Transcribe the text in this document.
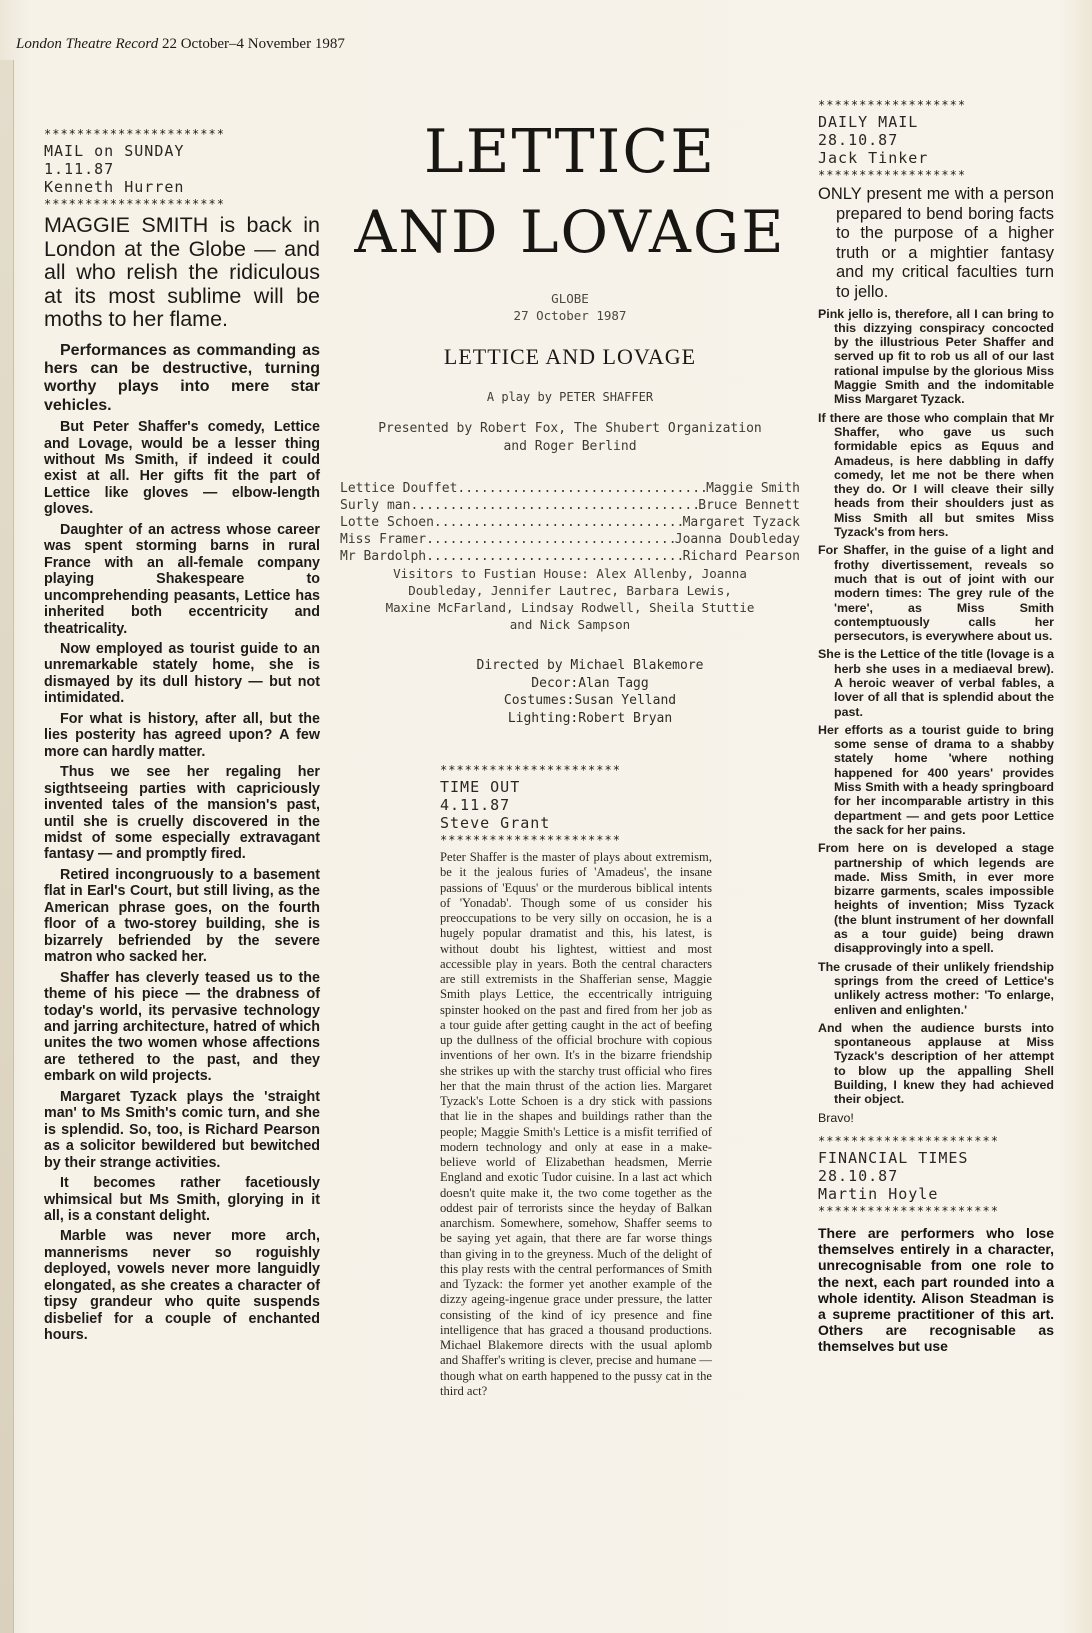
London Theatre Record 22 October–4 November 1987
**********************
MAIL on SUNDAY
1.11.87
Kenneth Hurren
**********************
MAGGIE SMITH is back in London at the Globe — and all who relish the ridiculous at its most sublime will be moths to her flame.
Performances as commanding as hers can be destructive, turning worthy plays into mere star vehicles.
But Peter Shaffer's comedy, Lettice and Lovage, would be a lesser thing without Ms Smith, if indeed it could exist at all. Her gifts fit the part of Lettice like gloves — elbow-length gloves.
Daughter of an actress whose career was spent storming barns in rural France with an all-female company playing Shakespeare to uncomprehending peasants, Lettice has inherited both eccentricity and theatricality.
Now employed as tourist guide to an unremarkable stately home, she is dismayed by its dull history — but not intimidated.
For what is history, after all, but the lies posterity has agreed upon? A few more can hardly matter.
Thus we see her regaling her sigthtseeing parties with capriciously invented tales of the mansion's past, until she is cruelly discovered in the midst of some especially extravagant fantasy — and promptly fired.
Retired incongruously to a basement flat in Earl's Court, but still living, as the American phrase goes, on the fourth floor of a two-storey building, she is bizarrely befriended by the severe matron who sacked her.
Shaffer has cleverly teased us to the theme of his piece — the drabness of today's world, its pervasive technology and jarring architecture, hatred of which unites the two women whose affections are tethered to the past, and they embark on wild projects.
Margaret Tyzack plays the 'straight man' to Ms Smith's comic turn, and she is splendid. So, too, is Richard Pearson as a solicitor bewildered but bewitched by their strange activities.
It becomes rather facetiously whimsical but Ms Smith, glorying in it all, is a constant delight.
Marble was never more arch, mannerisms never so roguishly deployed, vowels never more languidly elongated, as she creates a character of tipsy grandeur who quite suspends disbelief for a couple of enchanted hours.
LETTICE
AND LOVAGE
GLOBE
27 October 1987
LETTICE AND LOVAGE
A play by PETER SHAFFER
Presented by Robert Fox, The Shubert Organization
and Roger Berlind
Lettice Douffet .....	Maggie Smith
Surly man .....	Bruce Bennett
Lotte Schoen .....	Margaret Tyzack
Miss Framer .....	Joanna Doubleday
Mr Bardolph .....	Richard Pearson
Visitors to Fustian House: Alex Allenby, Joanna
Doubleday, Jennifer Lautrec, Barbara Lewis,
Maxine McFarland, Lindsay Rodwell, Sheila Stuttie
and Nick Sampson
Directed by Michael Blakemore
Decor:Alan Tagg
Costumes:Susan Yelland
Lighting:Robert Bryan
**********************
TIME OUT
4.11.87
Steve Grant
**********************
Peter Shaffer is the master of plays about extremism, be it the jealous furies of 'Amadeus', the insane passions of 'Equus' or the murderous biblical intents of 'Yonadab'. Though some of us consider his preoccupations to be very silly on occasion, he is a hugely popular dramatist and this, his latest, is without doubt his lightest, wittiest and most accessible play in years. Both the central characters are still extremists in the Shafferian sense, Maggie Smith plays Lettice, the eccentrically intriguing spinster hooked on the past and fired from her job as a tour guide after getting caught in the act of beefing up the dullness of the official brochure with copious inventions of her own. It's in the bizarre friendship she strikes up with the starchy trust official who fires her that the main thrust of the action lies. Margaret Tyzack's Lotte Schoen is a dry stick with passions that lie in the shapes and buildings rather than the people; Maggie Smith's Lettice is a misfit terrified of modern technology and only at ease in a make-believe world of Elizabethan headsmen, Merrie England and exotic Tudor cuisine. In a last act which doesn't quite make it, the two come together as the oddest pair of terrorists since the heyday of Balkan anarchism. Somewhere, somehow, Shaffer seems to be saying yet again, that there are far worse things than giving in to the greyness. Much of the delight of this play rests with the central performances of Smith and Tyzack: the former yet another example of the dizzy ageing-ingenue grace under pressure, the latter consisting of the kind of icy presence and fine intelligence that has graced a thousand productions. Michael Blakemore directs with the usual aplomb and Shaffer's writing is clever, precise and humane — though what on earth happened to the pussy cat in the third act?
******************
DAILY MAIL
28.10.87
Jack Tinker
******************
ONLY present me with a person prepared to bend boring facts to the purpose of a higher truth or a mightier fantasy and my critical faculties turn to jello.
Pink jello is, therefore, all I can bring to this dizzying conspiracy concocted by the illustrious Peter Shaffer and served up fit to rob us all of our last rational impulse by the glorious Miss Maggie Smith and the indomitable Miss Margaret Tyzack.
If there are those who complain that Mr Shaffer, who gave us such formidable epics as Equus and Amadeus, is here dabbling in daffy comedy, let me not be there when they do. Or I will cleave their silly heads from their shoulders just as Miss Smith all but smites Miss Tyzack's from hers.
For Shaffer, in the guise of a light and frothy divertissement, reveals so much that is out of joint with our modern times: The grey rule of the 'mere', as Miss Smith contemptuously calls her persecutors, is everywhere about us.
She is the Lettice of the title (lovage is a herb she uses in a mediaeval brew). A heroic weaver of verbal fables, a lover of all that is splendid about the past.
Her efforts as a tourist guide to bring some sense of drama to a shabby stately home 'where nothing happened for 400 years' provides Miss Smith with a heady springboard for her incomparable artistry in this department — and gets poor Lettice the sack for her pains.
From here on is developed a stage partnership of which legends are made. Miss Smith, in ever more bizarre garments, scales impossible heights of invention; Miss Tyzack (the blunt instrument of her downfall as a tour guide) being drawn disapprovingly into a spell.
The crusade of their unlikely friendship springs from the creed of Lettice's unlikely actress mother: 'To enlarge, enliven and enlighten.'
And when the audience bursts into spontaneous applause at Miss Tyzack's description of her attempt to blow up the appalling Shell Building, I knew they had achieved their object.
Bravo!
**********************
FINANCIAL TIMES
28.10.87
Martin Hoyle
**********************
There are performers who lose themselves entirely in a character, unrecognisable from one role to the next, each part rounded into a whole identity. Alison Steadman is a supreme practitioner of this art. Others are recognisable as themselves but use
